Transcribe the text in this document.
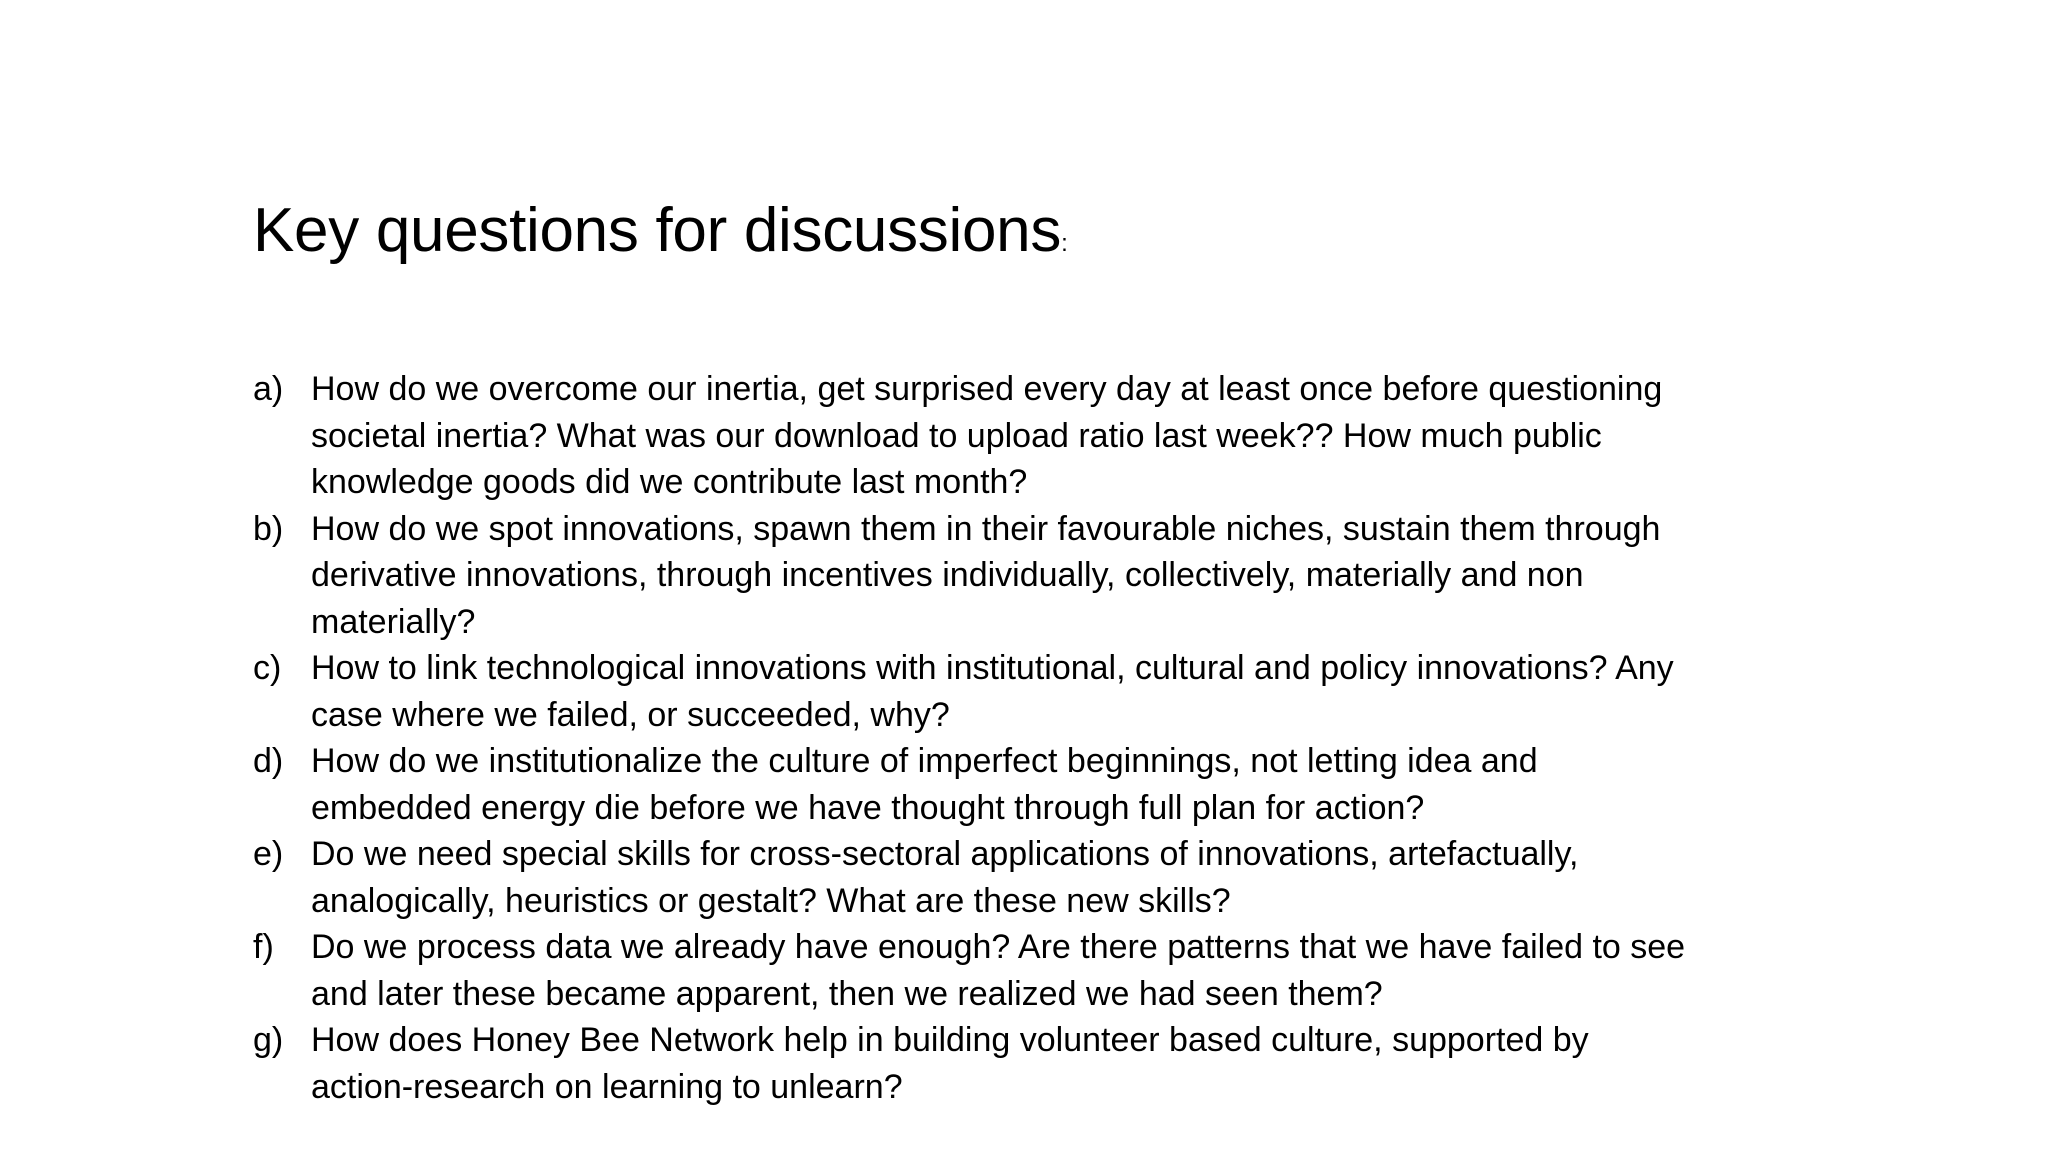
Key questions for discussions:
a) How do we overcome our inertia, get surprised every day at least once before questioning societal inertia? What was our download to upload ratio last week?? How much public knowledge goods did we contribute last month?
b) How do we spot innovations, spawn them in their favourable niches, sustain them through derivative innovations, through incentives individually, collectively, materially and non materially?
c) How to link technological innovations with institutional, cultural and policy innovations? Any case where we failed, or succeeded, why?
d) How do we institutionalize the culture of imperfect beginnings, not letting idea and embedded energy die before we have thought through full plan for action?
e) Do we need special skills for cross-sectoral applications of innovations, artefactually, analogically, heuristics or gestalt? What are these new skills?
f) Do we process data we already have enough? Are there patterns that we have failed to see and later these became apparent, then we realized we had seen them?
g) How does Honey Bee Network help in building volunteer based culture, supported by action-research on learning to unlearn?
